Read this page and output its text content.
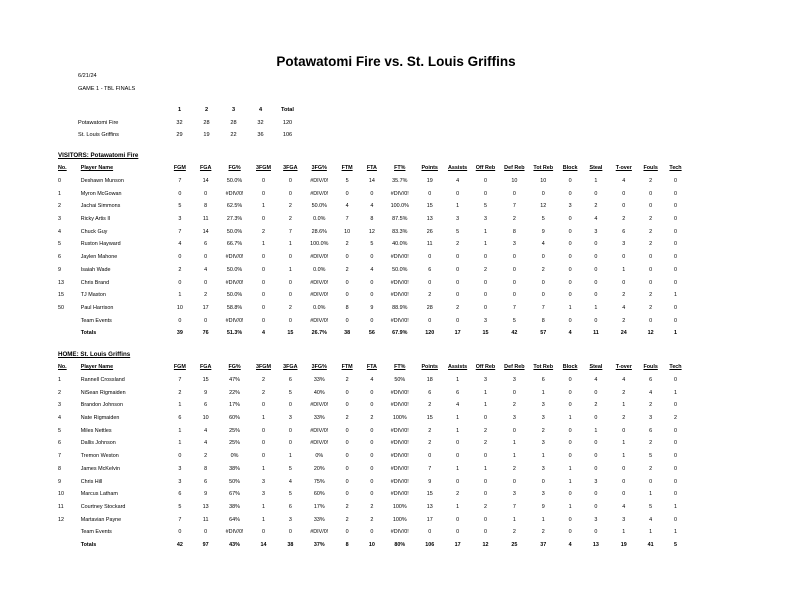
Potawatomi Fire vs. St. Louis Griffins
6/21/24
GAME 1 - TBL FINALS
	1	2	3	4	Total
Potawatomi Fire	32	28	28	32	120
St. Louis Griffins	29	19	22	36	106
VISITORS: Potawatomi Fire
No.	Player Name	FGM	FGA	FG%	3FGM	3FGA	3FG%	FTM	FTA	FT%	Points	Assists	Off Reb	Def Reb	Tot Reb	Block	Steal	T-over	Fouls	Tech
0	Deshawn Munson	7	14	50.0%	0	0	#DIV/0!	5	14	35.7%	19	4	0	10	10	0	1	4	2	0
1	Myron McGowan	0	0	#DIV/0!	0	0	#DIV/0!	0	0	#DIV/0!	0	0	0	0	0	0	0	0	0	0
2	Jachai Simmons	5	8	62.5%	1	2	50.0%	4	4	100.0%	15	1	5	7	12	3	2	0	0	0
3	Ricky Artis II	3	11	27.3%	0	2	0.0%	7	8	87.5%	13	3	3	2	5	0	4	2	2	0
4	Chuck Guy	7	14	50.0%	2	7	28.6%	10	12	83.3%	26	5	1	8	9	0	3	6	2	0
5	Ruston Hayward	4	6	66.7%	1	1	100.0%	2	5	40.0%	11	2	1	3	4	0	0	3	2	0
6	Jaylen Mahone	0	0	#DIV/0!	0	0	#DIV/0!	0	0	#DIV/0!	0	0	0	0	0	0	0	0	0	0
9	Isaiah Wade	2	4	50.0%	0	1	0.0%	2	4	50.0%	6	0	2	0	2	0	0	1	0	0
13	Chris Brand	0	0	#DIV/0!	0	0	#DIV/0!	0	0	#DIV/0!	0	0	0	0	0	0	0	0	0	0
15	TJ Maston	1	2	50.0%	0	0	#DIV/0!	0	0	#DIV/0!	2	0	0	0	0	0	0	2	2	1
50	Paul Harrison	10	17	58.8%	0	2	0.0%	8	9	88.9%	28	2	0	7	7	1	1	4	2	0
	Team Events	0	0	#DIV/0!	0	0	#DIV/0!	0	0	#DIV/0!	0	0	3	5	8	0	0	2	0	0
	Totals	39	76	51.3%	4	15	26.7%	38	56	67.9%	120	17	15	42	57	4	11	24	12	1
HOME: St. Louis Griffins
No.	Player Name	FGM	FGA	FG%	3FGM	3FGA	3FG%	FTM	FTA	FT%	Points	Assists	Off Reb	Def Reb	Tot Reb	Block	Steal	T-over	Fouls	Tech
1	Rannell Crossland	7	15	47%	2	6	33%	2	4	50%	18	1	3	3	6	0	4	4	6	0
2	NiSean Rigmaiden	2	9	22%	2	5	40%	0	0	#DIV/0!	6	6	1	0	1	0	0	2	4	1
3	Brandon Johnson	1	6	17%	0	0	#DIV/0!	0	0	#DIV/0!	2	4	1	2	3	0	2	1	2	0
4	Nate Rigmaiden	6	10	60%	1	3	33%	2	2	100%	15	1	0	3	3	1	0	2	3	2
5	Miles Nettles	1	4	25%	0	0	#DIV/0!	0	0	#DIV/0!	2	1	2	0	2	0	1	0	6	0
6	Dallis Johnson	1	4	25%	0	0	#DIV/0!	0	0	#DIV/0!	2	0	2	1	3	0	0	1	2	0
7	Tremon Weston	0	2	0%	0	1	0%	0	0	#DIV/0!	0	0	0	1	1	0	0	1	5	0
8	James McKelvin	3	8	38%	1	5	20%	0	0	#DIV/0!	7	1	1	2	3	1	0	0	2	0
9	Chris Hill	3	6	50%	3	4	75%	0	0	#DIV/0!	9	0	0	0	0	1	3	0	0	0
10	Marcus Latham	6	9	67%	3	5	60%	0	0	#DIV/0!	15	2	0	3	3	0	0	0	1	0
11	Courtney Stockard	5	13	38%	1	6	17%	2	2	100%	13	1	2	7	9	1	0	4	5	1
12	Martavian Payne	7	11	64%	1	3	33%	2	2	100%	17	0	0	1	1	0	3	3	4	0
	Team Events	0	0	#DIV/0!	0	0	#DIV/0!	0	0	#DIV/0!	0	0	0	2	2	0	0	1	1	1
	Totals	42	97	43%	14	38	37%	8	10	80%	106	17	12	25	37	4	13	19	41	5
